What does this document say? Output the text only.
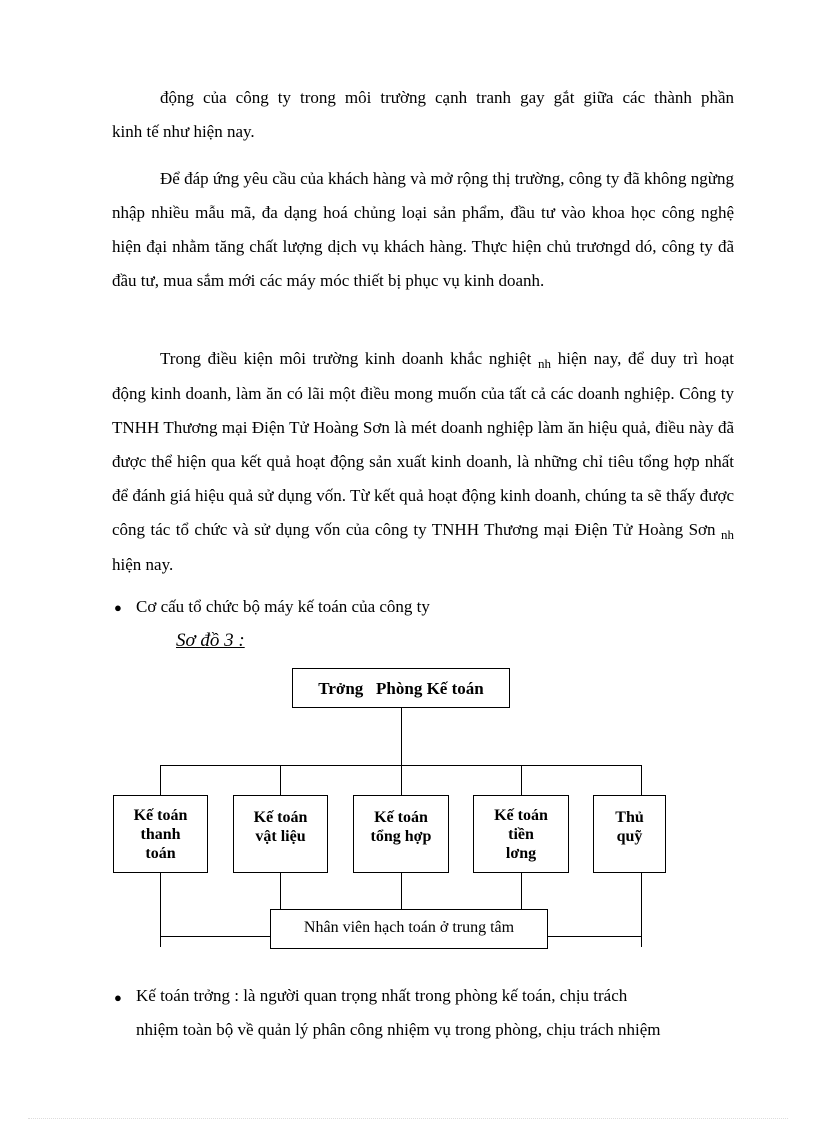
động của công ty trong môi trường cạnh tranh gay gắt giữa các thành phần
kinh tế như hiện nay.

Để đáp ứng yêu cầu của khách hàng và mở rộng thị trường, công ty đã không ngừng nhập nhiều mẫu mã, đa dạng hoá chủng loại sản phẩm, đầu tư vào khoa học công nghệ hiện đại nhằm tăng chất lượng dịch vụ khách hàng. Thực hiện chủ trươngd dó, công ty đã đầu tư, mua sắm mới các máy móc thiết bị phục vụ kinh doanh.

Trong điều kiện môi trường kinh doanh khắc nghiệt $_{nh}$ hiện nay, để duy trì hoạt động kinh doanh, làm ăn có lãi một điều mong muốn của tất cả các doanh nghiệp. Công ty TNHH Thương mại Điện Tử Hoàng Sơn là mét doanh nghiệp làm ăn hiệu quả, điều này đã được thể hiện qua kết quả hoạt động sản xuất kinh doanh, là những chỉ tiêu tổng hợp nhất để đánh giá hiệu quả sử dụng vốn. Từ kết quả hoạt động kinh doanh, chúng ta sẽ thấy được công tác tổ chức và sử dụng vốn của công ty TNHH Thương mại Điện Tử Hoàng Sơn $_{nh}$ hiện nay.

● Cơ cấu tổ chức bộ máy kế toán của công ty
Sơ đồ 3 :
Trởng   Phòng Kế toán
Kế toán
thanh
toán
Kế toán
vật liệu
Kế toán
tổng hợp
Kế toán
tiền
lơng
Thủ
quỹ
Nhân viên hạch toán ở trung tâm
● Kế toán trởng : là người quan trọng nhất trong phòng kế toán, chịu trách
nhiệm toàn bộ về quản lý phân công nhiệm vụ trong phòng, chịu trách nhiệm
